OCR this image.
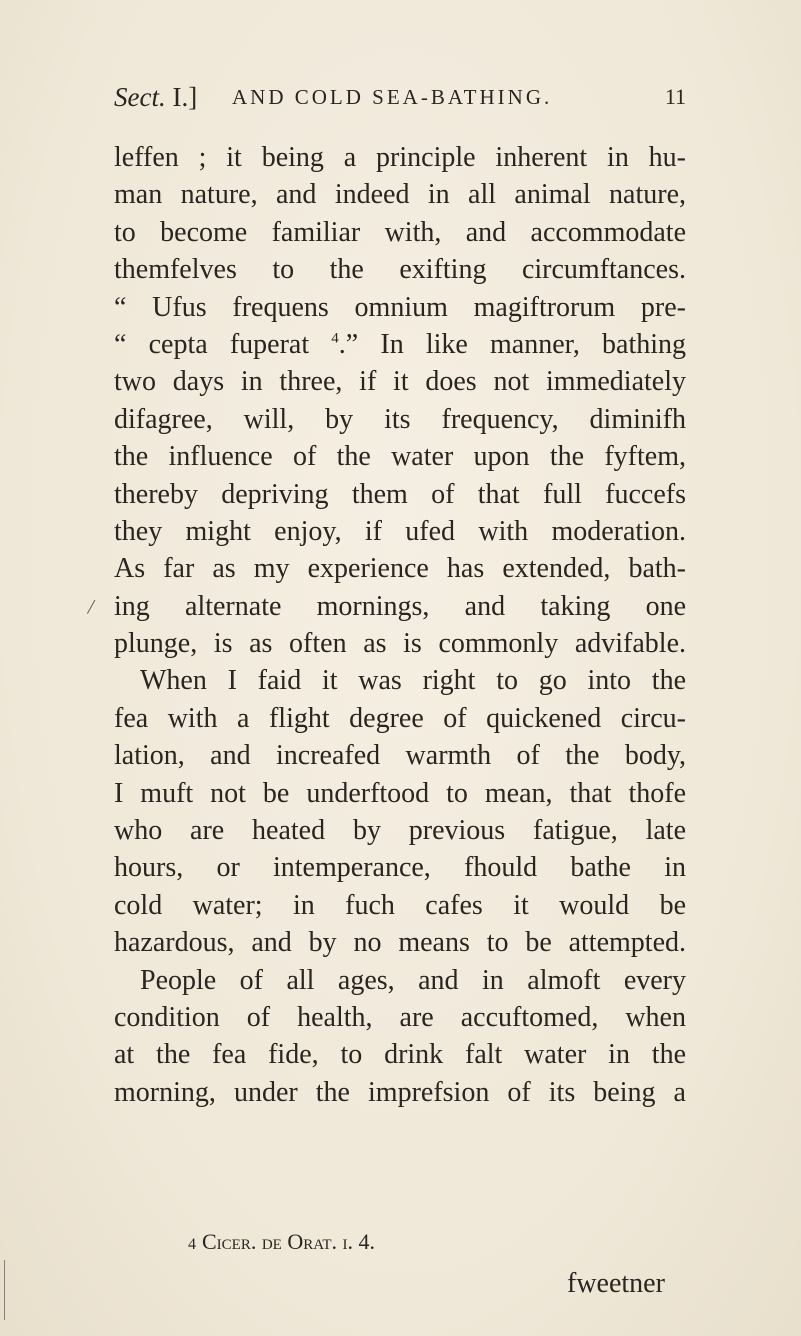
Sect. I.] AND COLD SEA-BATHING.	11
/
leffen ; it being a principle inherent in hu-
man nature, and indeed in all animal nature,
to become familiar with, and accommodate
themfelves to the exifting circumftances.
“ Ufus frequens omnium magiftrorum pre-
“ cepta fuperat $^4$.” In like manner, bathing
two days in three, if it does not immediately
difagree, will, by its frequency, diminifh
the influence of the water upon the fyftem,
thereby depriving them of that full fuccefs
they might enjoy, if ufed with moderation.
As far as my experience has extended, bath-
ing alternate mornings, and taking one
plunge, is as often as is commonly advifable.
When I faid it was right to go into the
fea with a flight degree of quickened circu-
lation, and increafed warmth of the body,
I muft not be underftood to mean, that thofe
who are heated by previous fatigue, late
hours, or intemperance, fhould bathe in
cold water; in fuch cafes it would be
hazardous, and by no means to be attempted.
People of all ages, and in almoft every
condition of health, are accuftomed, when
at the fea fide, to drink falt water in the
morning, under the imprefsion of its being a
4 Cicer. de Orat. i. 4.
fweetner
